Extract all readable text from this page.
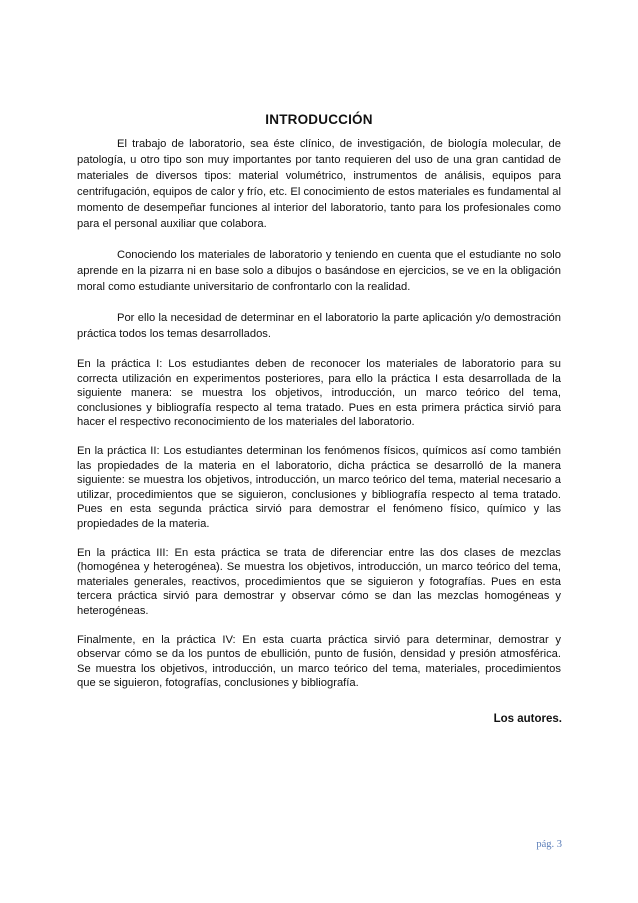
INTRODUCCIÓN

El trabajo de laboratorio, sea éste clínico, de investigación, de biología molecular, de patología, u otro tipo son muy importantes por tanto requieren del uso de una gran cantidad de materiales de diversos tipos: material volumétrico, instrumentos de análisis, equipos para centrifugación, equipos de calor y frío, etc. El conocimiento de estos materiales es fundamental al momento de desempeñar funciones al interior del laboratorio, tanto para los profesionales como para el personal auxiliar que colabora.

Conociendo los materiales de laboratorio y teniendo en cuenta que el estudiante no solo aprende en la pizarra ni en base solo a dibujos o basándose en ejercicios, se ve en la obligación moral como estudiante universitario de confrontarlo con la realidad.

Por ello la necesidad de determinar en el laboratorio la parte aplicación y/o demostración práctica todos los temas desarrollados.

En la práctica I: Los estudiantes deben de reconocer los materiales de laboratorio para su correcta utilización en experimentos posteriores, para ello la práctica I esta desarrollada de la siguiente manera: se muestra los objetivos, introducción, un marco teórico del tema, conclusiones y bibliografía respecto al tema tratado. Pues en esta primera práctica sirvió para hacer el respectivo reconocimiento de los materiales del laboratorio.

En la práctica II: Los estudiantes determinan los fenómenos físicos, químicos así como también las propiedades de la materia en el laboratorio, dicha práctica se desarrolló de la manera siguiente: se muestra los objetivos, introducción, un marco teórico del tema, material necesario a utilizar, procedimientos que se siguieron, conclusiones y bibliografía respecto al tema tratado. Pues en esta segunda práctica sirvió para demostrar el fenómeno físico, químico y las propiedades de la materia.

En la práctica III: En esta práctica se trata de diferenciar entre las dos clases de mezclas (homogénea y heterogénea). Se muestra los objetivos, introducción, un marco teórico del tema, materiales generales, reactivos, procedimientos que se siguieron y fotografías. Pues en esta tercera práctica sirvió para demostrar y observar cómo se dan las mezclas homogéneas y heterogéneas.

Finalmente, en la práctica IV: En esta cuarta práctica sirvió para determinar, demostrar y observar cómo se da los puntos de ebullición, punto de fusión, densidad y presión atmosférica. Se muestra los objetivos, introducción, un marco teórico del tema, materiales, procedimientos que se siguieron, fotografías, conclusiones y bibliografía.

Los autores.
pág. 3
